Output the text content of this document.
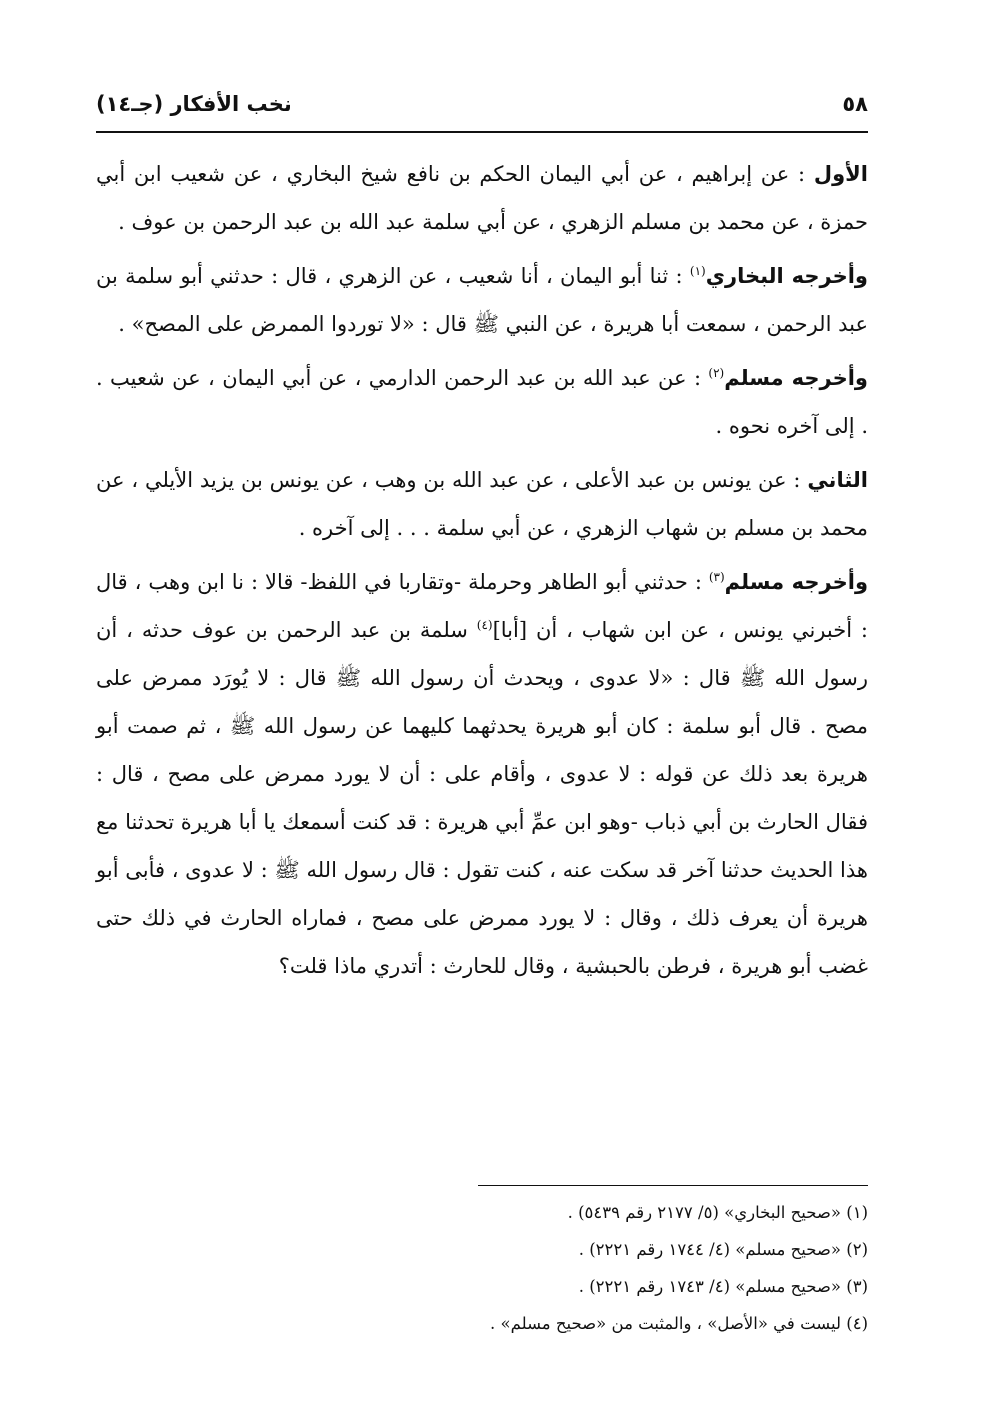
٥٨
نخب الأفكار (جـ١٤)

الأول : عن إبراهيم ، عن أبي اليمان الحكم بن نافع شيخ البخاري ، عن شعيب ابن أبي حمزة ، عن محمد بن مسلم الزهري ، عن أبي سلمة عبد الله بن عبد الرحمن بن عوف .

وأخرجه البخاري$^{(١)}$ : ثنا أبو اليمان ، أنا شعيب ، عن الزهري ، قال : حدثني أبو سلمة بن عبد الرحمن ، سمعت أبا هريرة ، عن النبي ﷺ قال : «لا توردوا الممرض على المصح» .

وأخرجه مسلم$^{(٢)}$ : عن عبد الله بن عبد الرحمن الدارمي ، عن أبي اليمان ، عن شعيب . . إلى آخره نحوه .

الثاني : عن يونس بن عبد الأعلى ، عن عبد الله بن وهب ، عن يونس بن يزيد الأيلي ، عن محمد بن مسلم بن شهاب الزهري ، عن أبي سلمة . . . إلى آخره .

وأخرجه مسلم$^{(٣)}$ : حدثني أبو الطاهر وحرملة -وتقاربا في اللفظ- قالا : نا ابن وهب ، قال : أخبرني يونس ، عن ابن شهاب ، أن [أبا]$^{(٤)}$ سلمة بن عبد الرحمن بن عوف حدثه ، أن رسول الله ﷺ قال : «لا عدوى ، ويحدث أن رسول الله ﷺ قال : لا يُورَد ممرض على مصح . قال أبو سلمة : كان أبو هريرة يحدثهما كليهما عن رسول الله ﷺ ، ثم صمت أبو هريرة بعد ذلك عن قوله : لا عدوى ، وأقام على : أن لا يورد ممرض على مصح ، قال : فقال الحارث بن أبي ذباب -وهو ابن عمِّ أبي هريرة : قد كنت أسمعك يا أبا هريرة تحدثنا مع هذا الحديث حدثنا آخر قد سكت عنه ، كنت تقول : قال رسول الله ﷺ : لا عدوى ، فأبى أبو هريرة أن يعرف ذلك ، وقال : لا يورد ممرض على مصح ، فماراه الحارث في ذلك حتى غضب أبو هريرة ، فرطن بالحبشية ، وقال للحارث : أتدري ماذا قلت؟

(١) «صحيح البخاري» (٥/ ٢١٧٧ رقم ٥٤٣٩) .

(٢) «صحيح مسلم» (٤/ ١٧٤٤ رقم ٢٢٢١) .

(٣) «صحيح مسلم» (٤/ ١٧٤٣ رقم ٢٢٢١) .

(٤) ليست في «الأصل» ، والمثبت من «صحيح مسلم» .
